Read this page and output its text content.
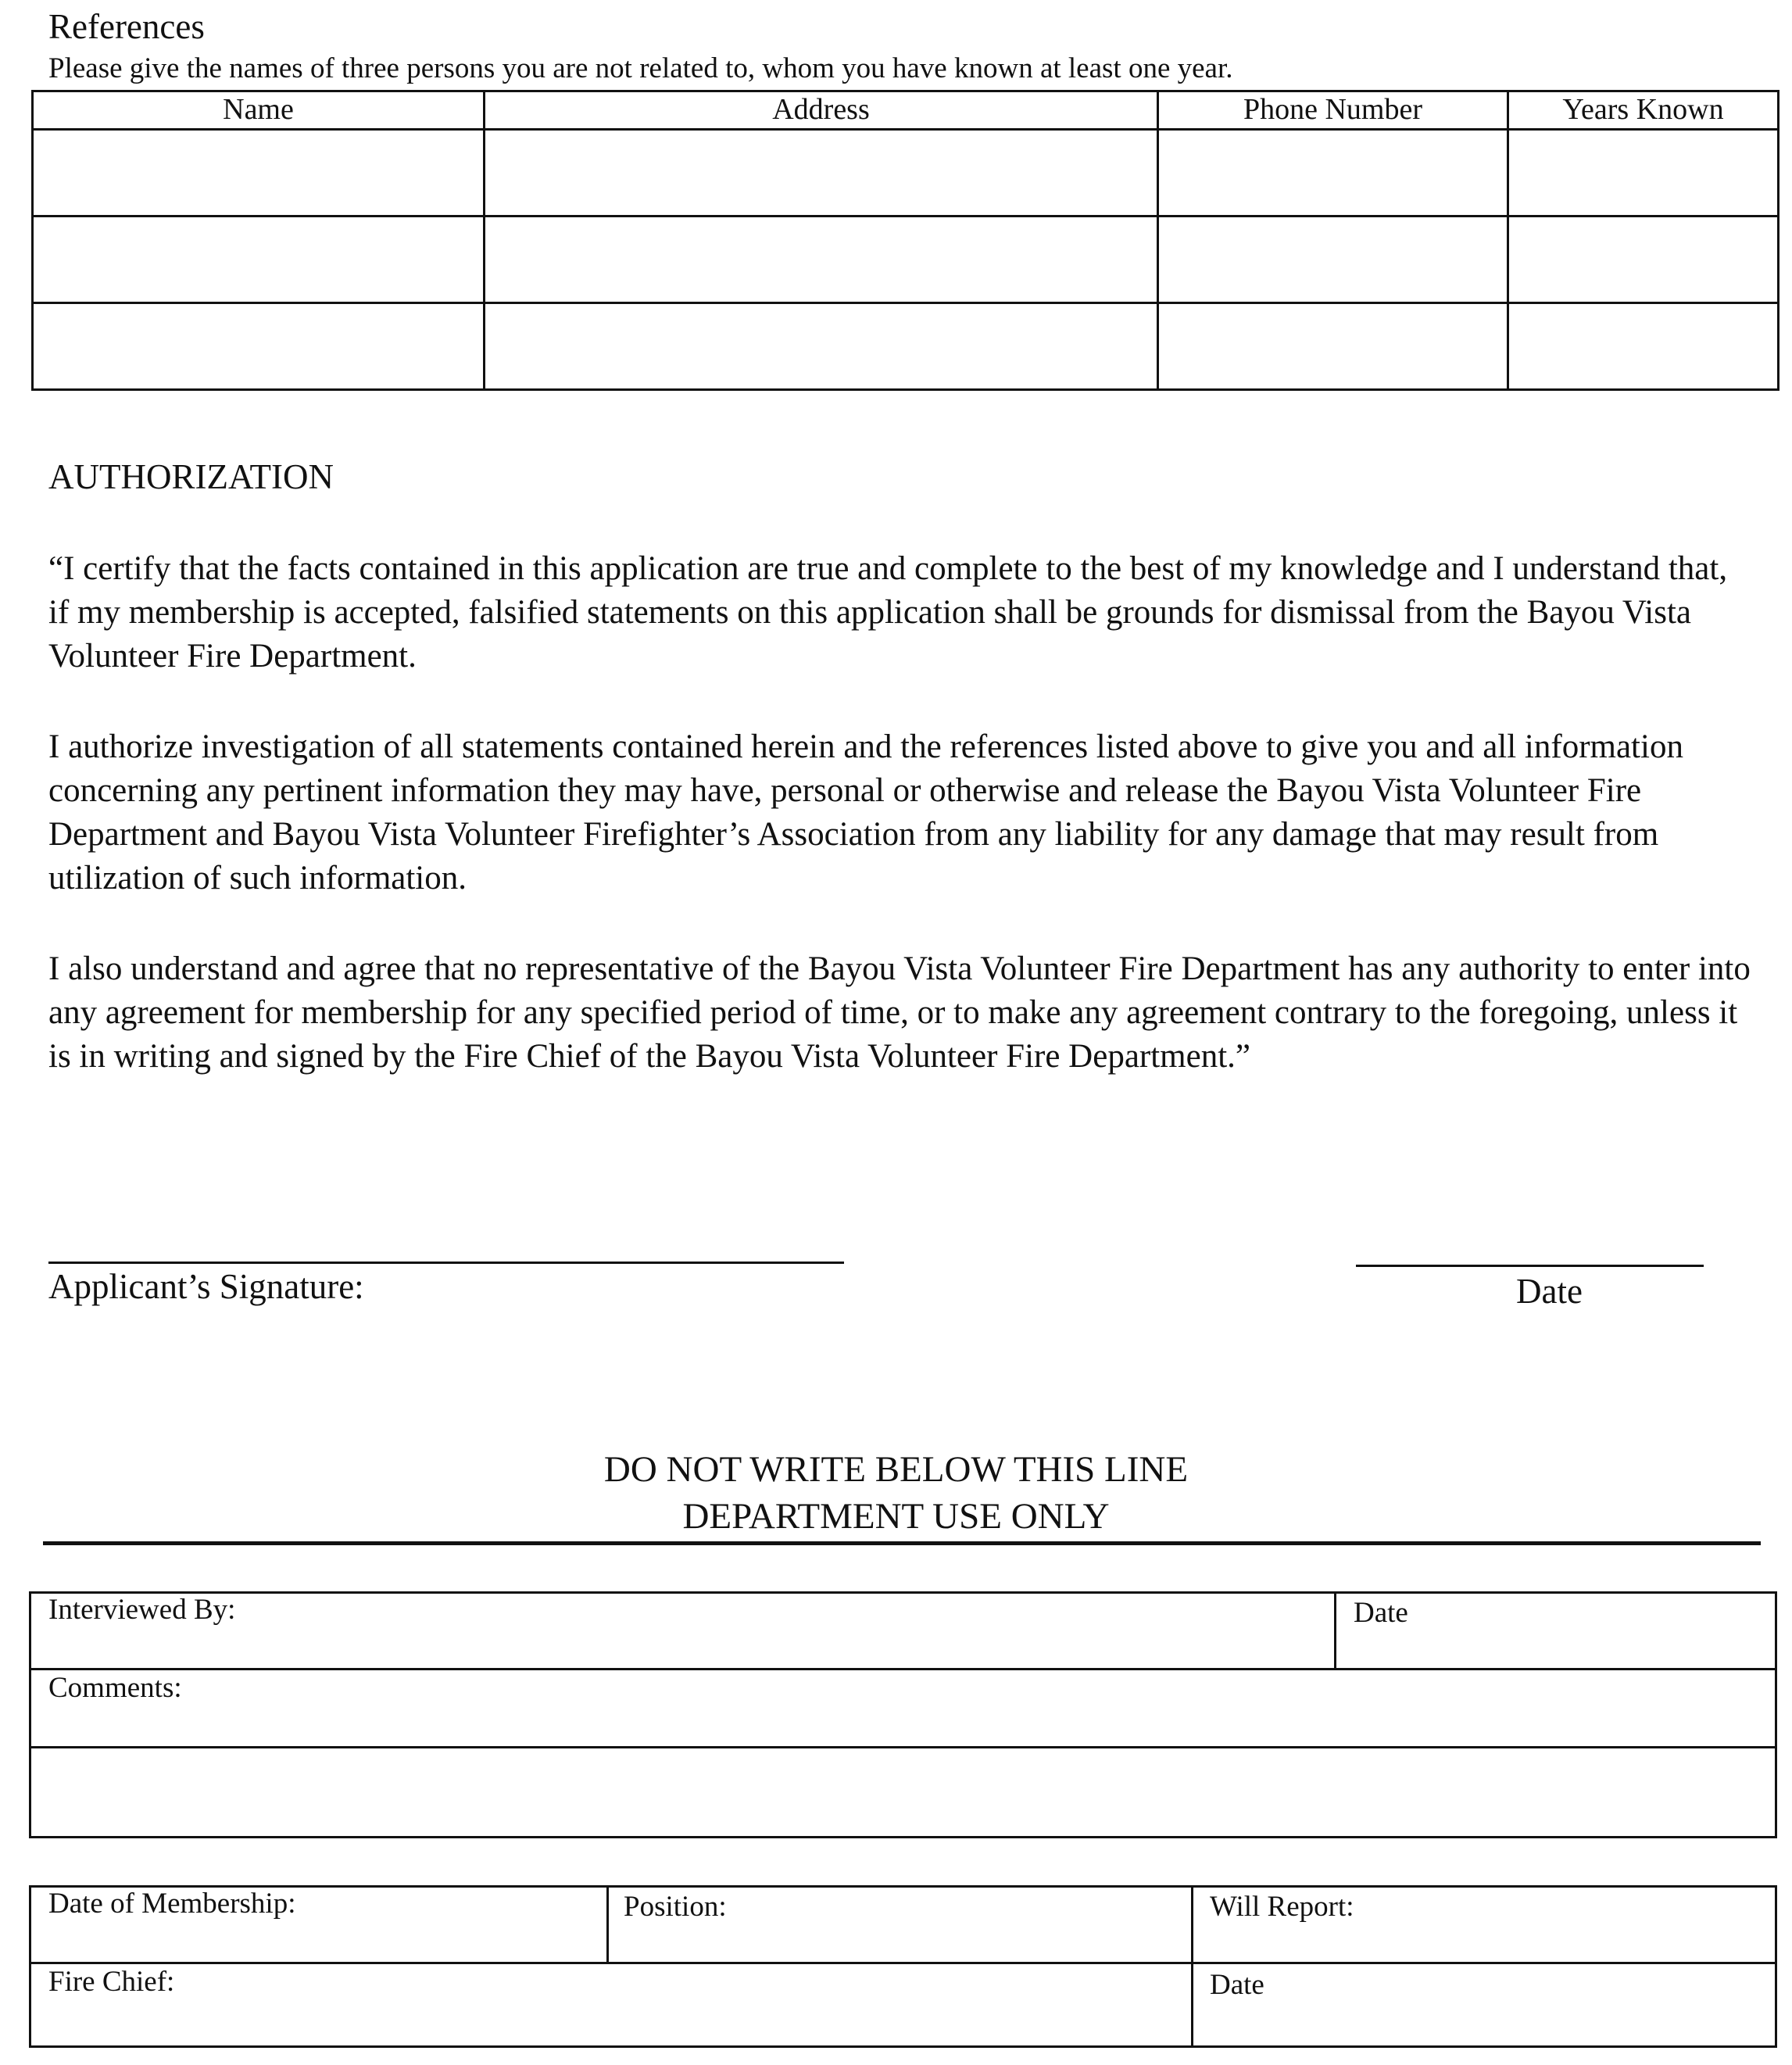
References
Please give the names of three persons you are not related to, whom you have known at least one year.
Name	Address	Phone Number	Years Known

AUTHORIZATION
“I certify that the facts contained in this application are true and complete to the best of my knowledge and I understand that, if my membership is accepted, falsified statements on this application shall be grounds for dismissal from the Bayou Vista Volunteer Fire Department.
I authorize investigation of all statements contained herein and the references listed above to give you and all information concerning any pertinent information they may have, personal or otherwise and release the Bayou Vista Volunteer Fire Department and Bayou Vista Volunteer Firefighter’s Association from any liability for any damage that may result from utilization of such information.
I also understand and agree that no representative of the Bayou Vista Volunteer Fire Department has any authority to enter into any agreement for membership for any specified period of time, or to make any agreement contrary to the foregoing, unless it is in writing and signed by the Fire Chief of the Bayou Vista Volunteer Fire Department.”
Applicant’s Signature:	Date
DO NOT WRITE BELOW THIS LINE
DEPARTMENT USE ONLY
Interviewed By:	Date
Comments:
Date of Membership:	Position:	Will Report:
Fire Chief:	Date
